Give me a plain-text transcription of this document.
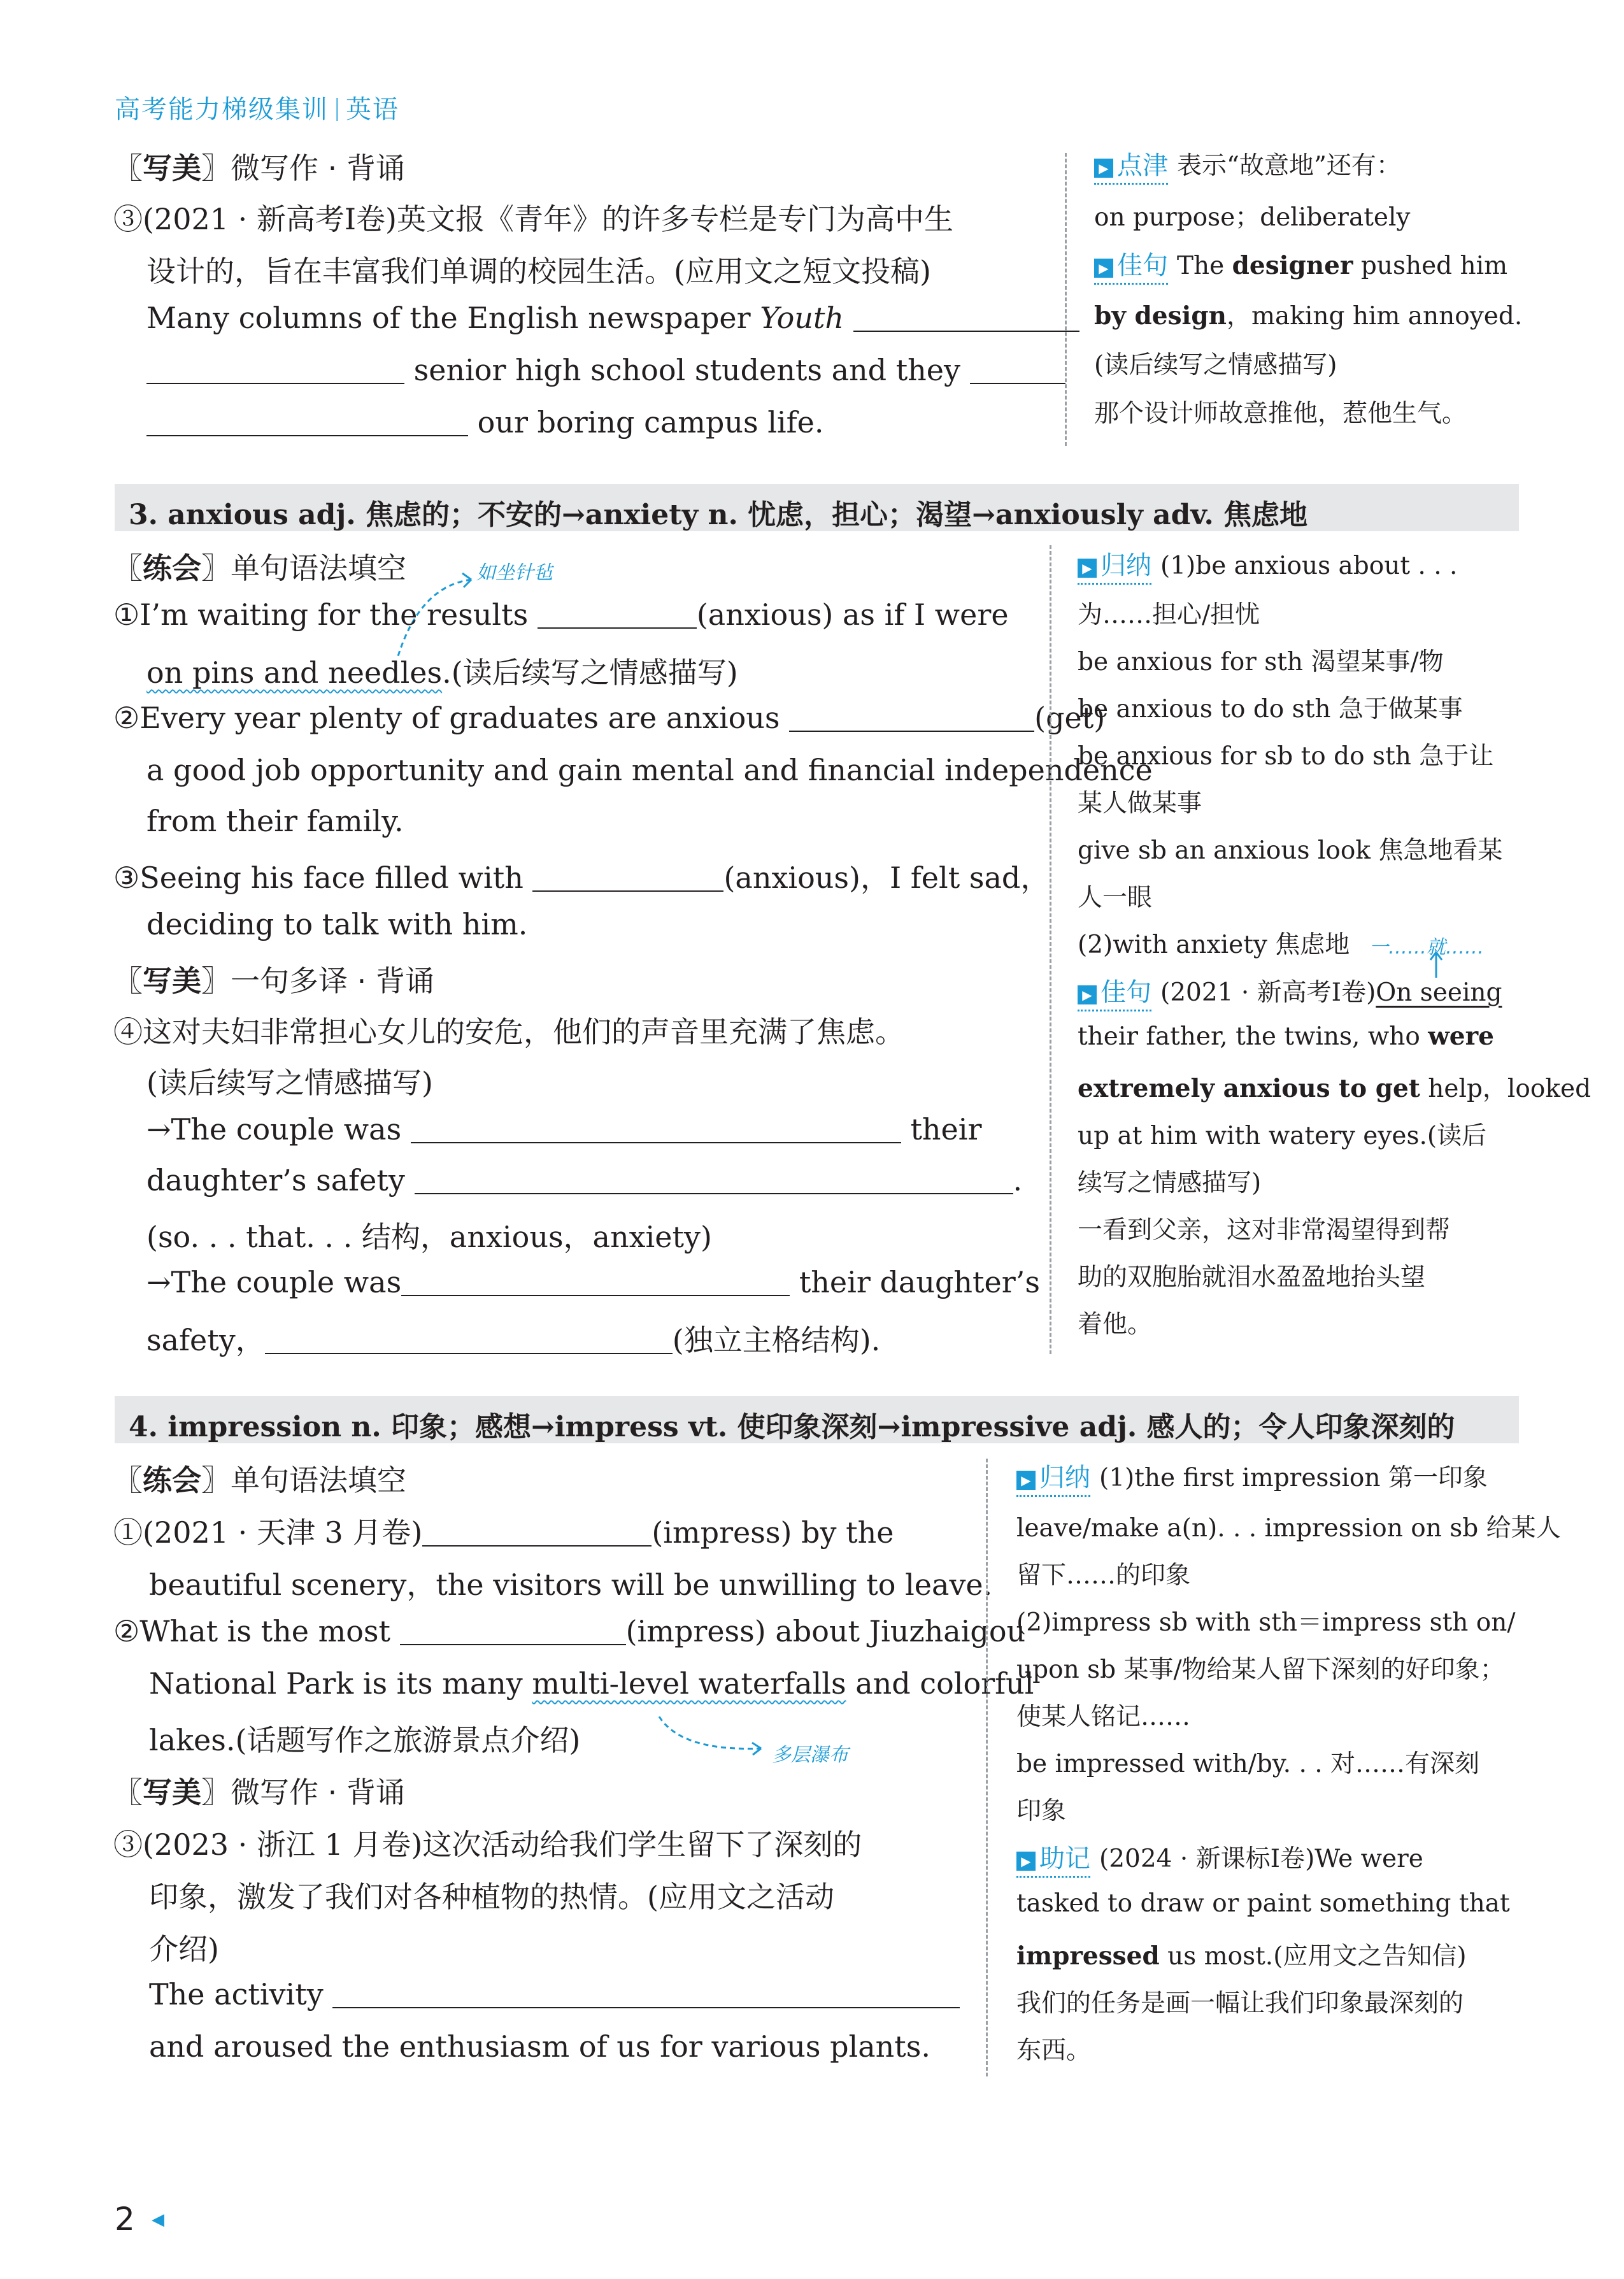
高考能力梯级集训 英语
〖写美〗微写作 · 背诵
③(2021 · 新高考Ⅰ卷)英文报《青年》的许多专栏是专门为高中生
设计的，旨在丰富我们单调的校园生活。(应用文之短文投稿)
Many columns of the English newspaper Youth
senior high school students and they
our boring campus life.
▶ 点津 表示“故意地”还有：
on purpose；deliberately
▶ 佳句 The designer pushed him
by design，making him annoyed.
(读后续写之情感描写)
那个设计师故意推他，惹他生气。
3. anxious adj. 焦虑的；不安的→anxiety n. 忧虑，担心；渴望→anxiously adv. 焦虑地
〖练会〗单句语法填空	如坐针毡
①I’m waiting for the results	(anxious) as if I were
on pins and needles.(读后续写之情感描写)
②Every year plenty of graduates are anxious	(get)
a good job opportunity and gain mental and financial independence
from their family.
③Seeing his face filled with	(anxious)，I felt sad，
deciding to talk with him.
〖写美〗一句多译 · 背诵
④这对夫妇非常担心女儿的安危，他们的声音里充满了焦虑。
(读后续写之情感描写)
→The couple was	their
daughter’s safety	.
(so. . . that. . . 结构，anxious，anxiety)
→The couple was	their daughter’s
safety，	(独立主格结构).
▶ 归纳 (1)be anxious about . . .
为……担心/担忧
be anxious for sth 渴望某事/物
be anxious to do sth 急于做某事
be anxious for sb to do sth 急于让
某人做某事
give sb an anxious look 焦急地看某
人一眼
(2)with anxiety 焦虑地 一……就……
▶ 佳句 (2021 · 新高考Ⅰ卷)On seeing
their father, the twins, who were
extremely anxious to get help，looked
up at him with watery eyes.(读后
续写之情感描写)
一看到父亲，这对非常渴望得到帮
助的双胞胎就泪水盈盈地抬头望
着他。
4. impression n. 印象；感想→impress vt. 使印象深刻→impressive adj. 感人的；令人印象深刻的
〖练会〗单句语法填空
①(2021 · 天津 3 月卷)	(impress) by the
beautiful scenery，the visitors will be unwilling to leave.
②What is the most	(impress) about Jiuzhaigou
National Park is its many multi-level waterfalls and colorful
lakes.(话题写作之旅游景点介绍)	多层瀑布
〖写美〗微写作 · 背诵
③(2023 · 浙江 1 月卷)这次活动给我们学生留下了深刻的
印象，激发了我们对各种植物的热情。(应用文之活动
介绍)
The activity
and aroused the enthusiasm of us for various plants.
▶ 归纳 (1)the first impression 第一印象
leave/make a(n). . . impression on sb 给某人
留下……的印象
(2)impress sb with sth＝impress sth on/
upon sb 某事/物给某人留下深刻的好印象；
使某人铭记……
be impressed with/by. . . 对……有深刻
印象
▶ 助记 (2024 · 新课标Ⅰ卷)We were
tasked to draw or paint something that
impressed us most.(应用文之告知信)
我们的任务是画一幅让我们印象最深刻的
东西。
2 ◀
